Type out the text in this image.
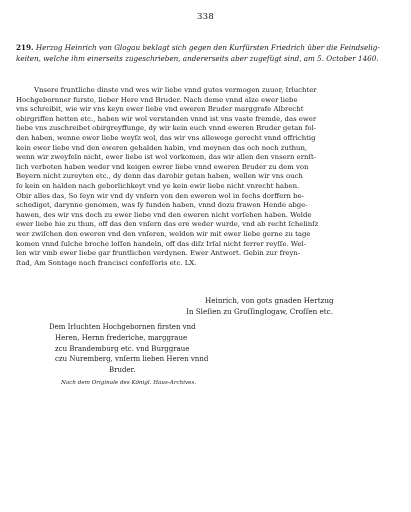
338
219. Herzog Heinrich von Glogau beklagt sich gegen den Kurfürsten Friedrich über die Feindselig-
keiten, welche ihm einerseits zugeschrieben, andererseits aber zugefügt sind, am 5. October 1460.
Vnsere fruntliche dinste vnd wes wir liebe vnnd gutes vermogen zuuor, Irluchter
Hochgebornner furste, lieber Here vnd Bruder. Nach deme vnnd alze ewer liebe
vns schreibit, wie wir vns keyn ewer liebe vnd eweren Bruder marggrafe Albrecht
obirgriffen hetten etc., haben wir wol verstanden vnnd ist vns vaste fremde, das ewer
liebe vns zuschreibet obirgreyffunge, dy wir kein euch vnnd eweren Bruder getan fol-
den haben, wenne ewer liebe weyſz wol, das wir vns allewege gerecht vnnd offrichtig
kein ewer liebe vnd den eweren gehalden habin, vnd meynen das och noch zuthun,
wenn wir zweyfeln nicht, ewer liebe ist wol vorkomen, das wir allen den vnsern ernſt-
lich verboten haben weder vnd keigen ewrer liebe vnnd eweren Bruder zu dem von
Beyern nicht zureyten etc., dy denn das darobir getan haben, wellen wir vns ouch
ſo kein en halden nach geborlichkeyt vnd ye kein ewir liebe nicht vnrecht haben.
Obir alles das, So ſeyn wir vnd dy vnſern von den eweren wol in ſechs dorffern be-
schediget, darynne genomen, was ſy funden haben, vnnd dozu frawen Hende abge-
hawen, des wir vns doch zu ewer liebe vnd den eweren nicht vorſehen haben. Welde
ewer liebe hie zu thun, off das den vnſern das ere weder wurde, vnd ab recht ſchelinſz
wer zwiſchen den eweren vnd den vnſeren, welden wir mit ewer liebe gerne zu tage
komen vnnd ſulche broche loſſen handeln, off das diſz Irſal nicht ferrer reyſſe. Wel-
len wir vmb ewer liebe gar fruntlichen verdynen. Ewer Antwort. Gebin zur freyn-
ſtad, Am Sontage nach francisci confeſſoris etc. LX.
Heinrich, von gots gnaden Hertzug
In Sleſien zu Groſſinglogaw, Croſſen etc.
Dem Irluchten Hochgebornen firsten vnd
Heren, Hernn frederiche, marggraue
zcu Brandemburg etc. vnd Burggraue
czu Nuremberg, vnſerm lieben Heren vnnd
Bruder.
Nach dem Originale des Königl. Haus-Archives.
